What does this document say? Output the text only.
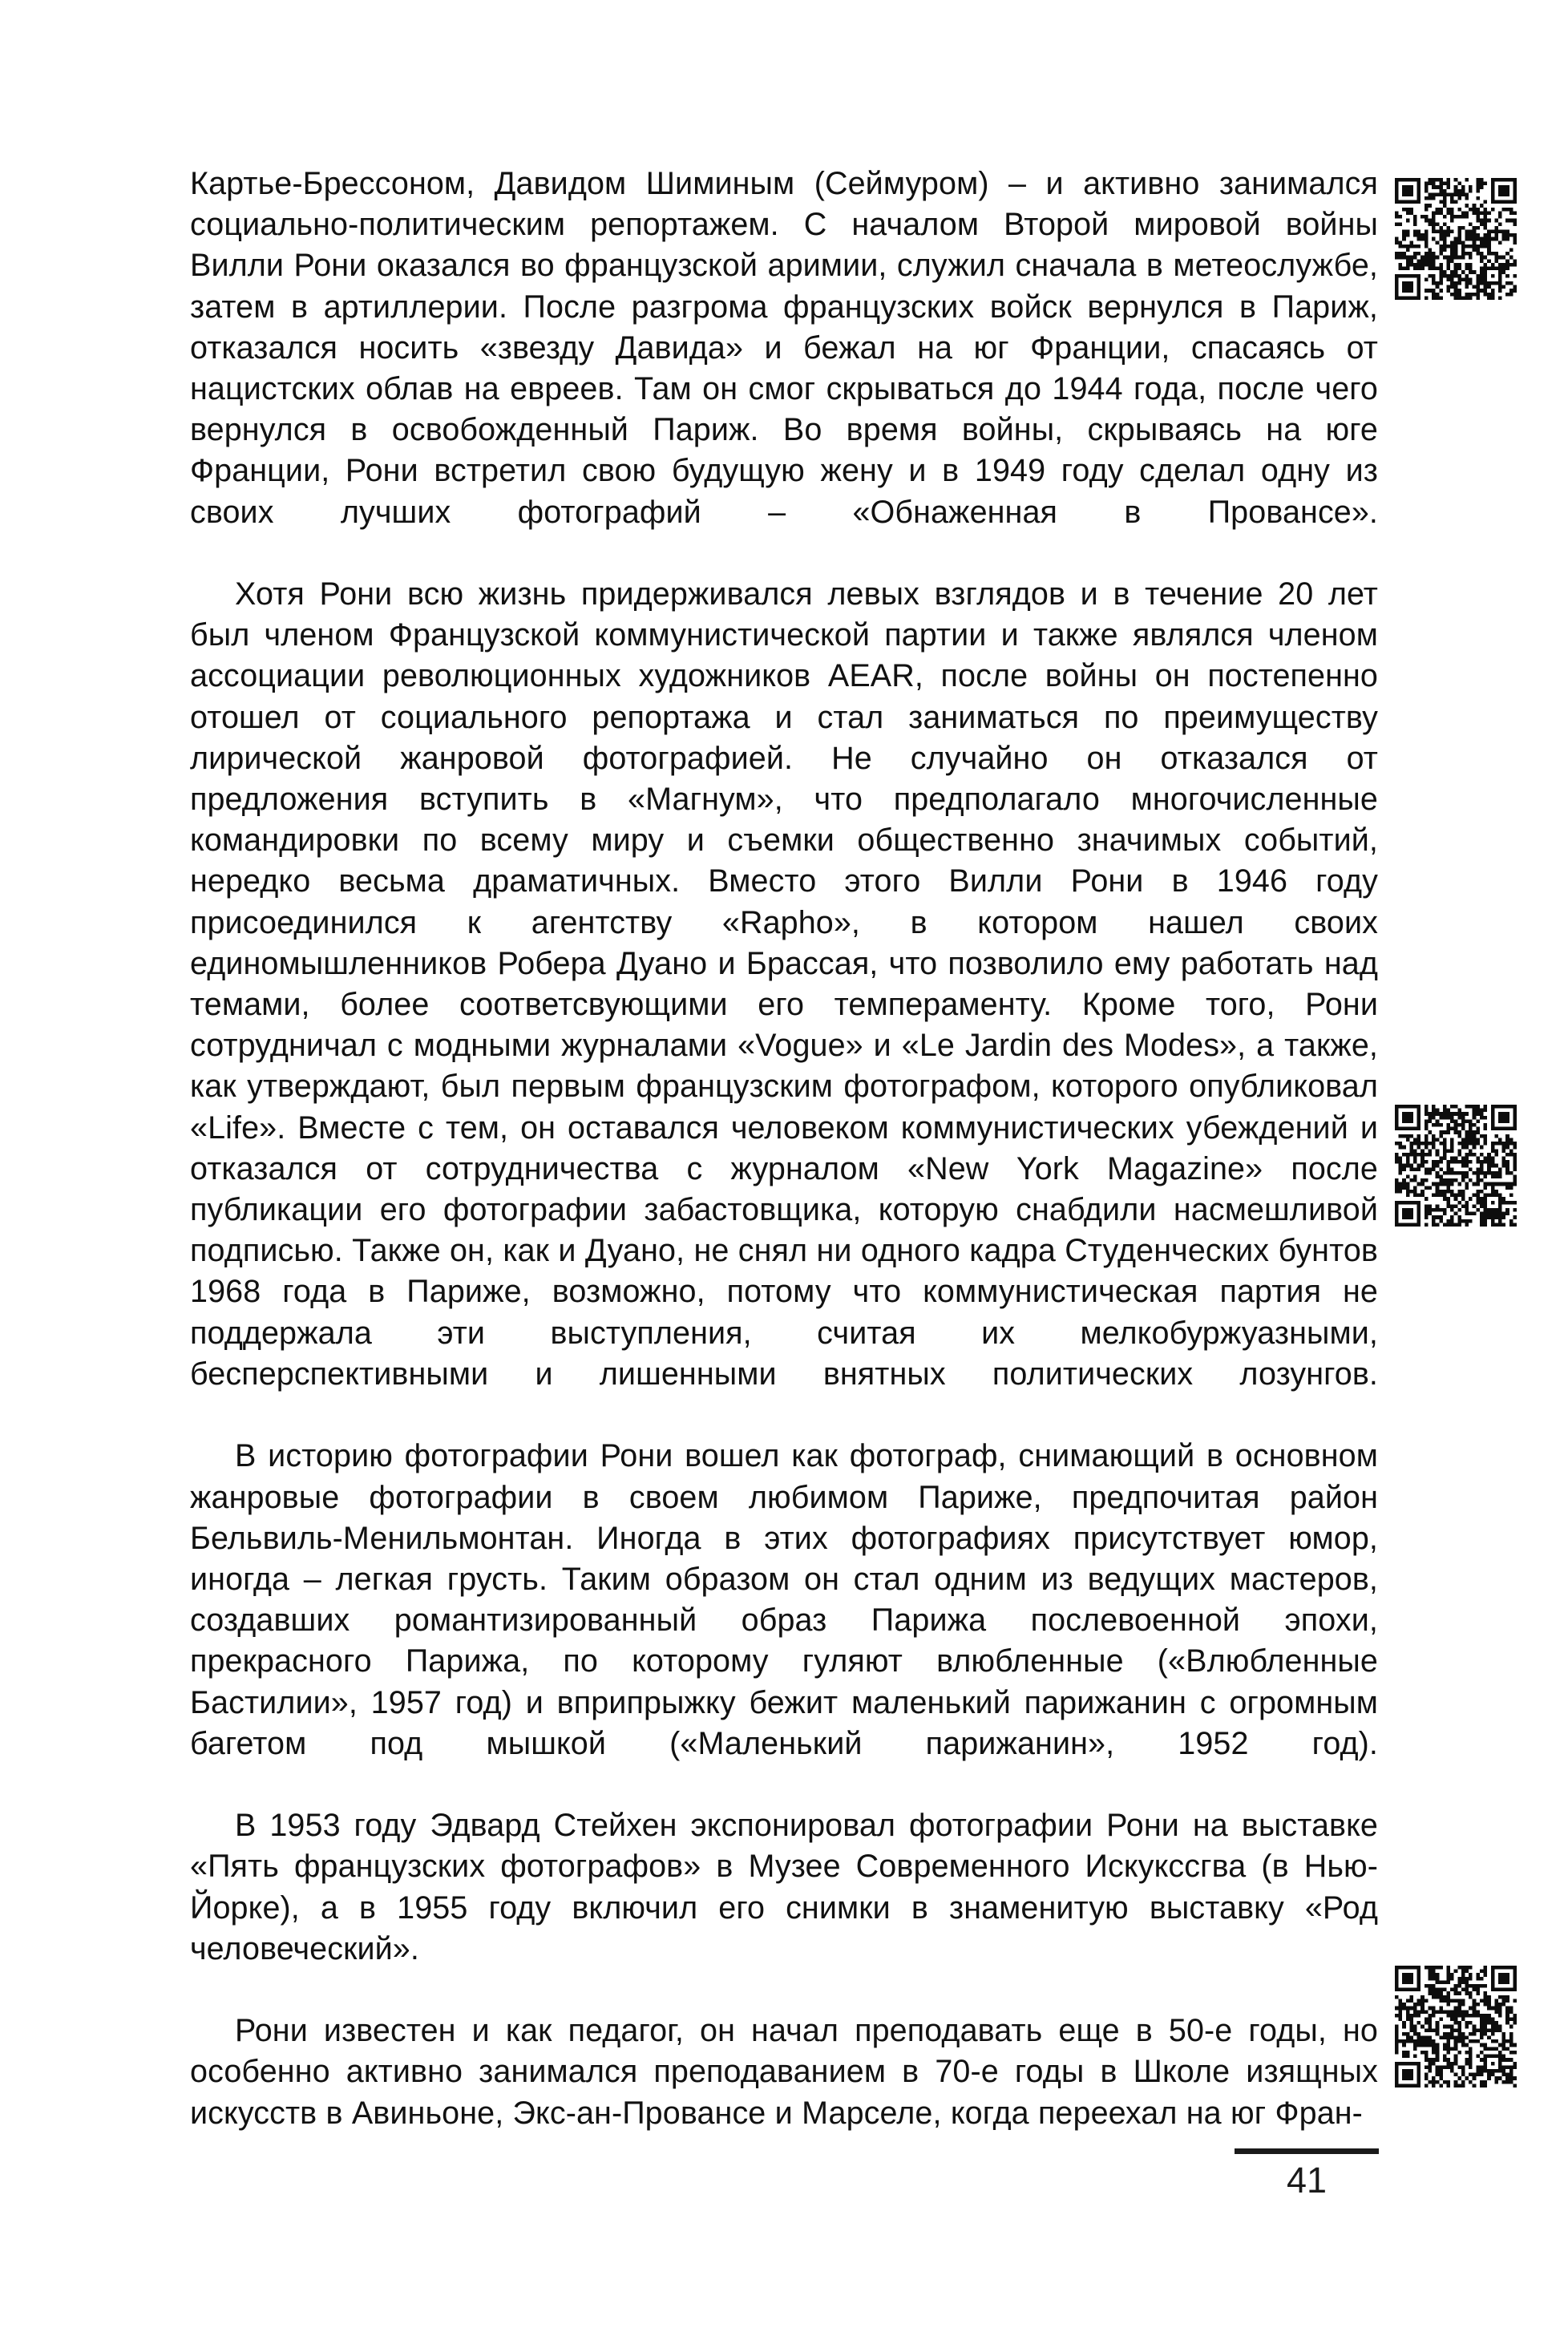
Картье-Брессоном, Давидом Шиминым (Сеймуром) – и активно занимался социально-политическим репортажем. С началом Второй мировой войны Вилли Рони оказался во французской аримии, служил сначала в метеослужбе, затем в артиллерии. После разгрома французских войск вернулся в Париж, отказался носить «звезду Давида» и бежал на юг Франции, спасаясь от нацистских облав на евреев. Там он смог скрываться до 1944 года, после чего вернулся в освобожденный Париж. Во время войны, скрываясь на юге Франции, Рони встретил свою будущую жену и в 1949 году сделал одну из своих лучших фотографий – «Обнаженная в Провансе».

Хотя Рони всю жизнь придерживался левых взглядов и в течение 20 лет был членом Французской коммунистической партии и также являлся членом ассоциации революционных художников AEAR, после войны он постепенно отошел от социального репортажа и стал заниматься по преимуществу лирической жанровой фотографией. Не случайно он отказался от предложения вступить в «Магнум», что предполагало многочисленные командировки по всему миру и съемки общественно значимых событий, нередко весьма драматичных. Вместо этого Вилли Рони в 1946 году присоединился к агентству «Rapho», в котором нашел своих единомышленников Робера Дуано и Брассая, что позволило ему работать над темами, более соответсвующими его темпераменту. Кроме того, Рони сотрудничал с модными журналами «Vogue» и «Le Jardin des Modes», а также, как утверждают, был первым французским фотографом, которого опубликовал «Life». Вместе с тем, он оставался человеком коммунистических убеждений и отказался от сотрудничества с журналом «New York Magazine» после публикации его фотографии забастовщика, которую снабдили насмешливой подписью. Также он, как и Дуано, не снял ни одного кадра Студенческих бунтов 1968 года в Париже, возможно, потому что коммунистическая партия не поддержала эти выступления, считая их мелкобуржуазными, бесперспективными и лишенными внятных политических лозунгов.

В историю фотографии Рони вошел как фотограф, снимающий в основном жанровые фотографии в своем любимом Париже, предпочитая район Бельвиль-Менильмонтан. Иногда в этих фотографиях присутствует юмор, иногда – легкая грусть. Таким образом он стал одним из ведущих мастеров, создавших романтизированный образ Парижа послевоенной эпохи, прекрасного Парижа, по которому гуляют влюбленные («Влюбленные Бастилии», 1957 год) и вприпрыжку бежит маленький парижанин с огромным багетом под мышкой («Маленький парижанин», 1952 год).

В 1953 году Эдвард Стейхен экспонировал фотографии Рони на выставке «Пять французских фотографов» в Музее Современного Искукссгва (в Нью-Йорке), а в 1955 году включил его снимки в знаменитую выставку «Род человеческий».

Рони известен и как педагог, он начал преподавать еще в 50-е годы, но особенно активно занимался преподаванием в 70-е годы в Школе изящных искусств в Авиньоне, Экс-ан-Провансе и Марселе, когда переехал на юг Фран-

41
